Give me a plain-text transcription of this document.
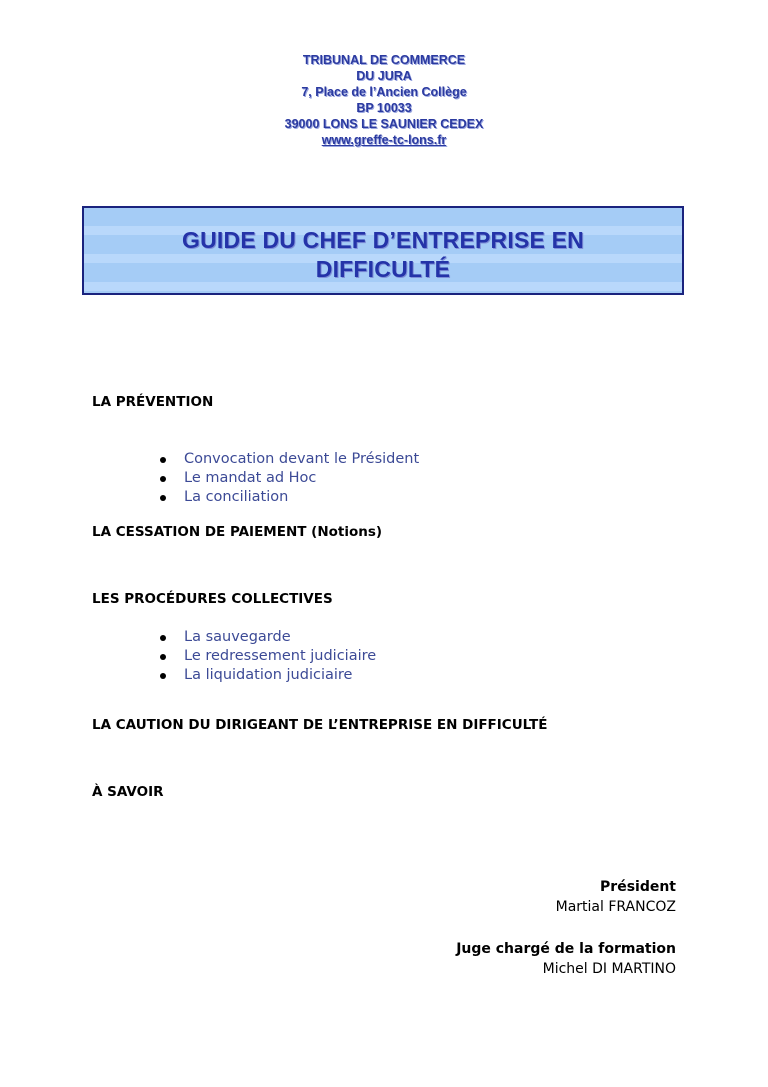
TRIBUNAL DE COMMERCE
DU JURA
7, Place de l’Ancien Collège
BP 10033
39000 LONS LE SAUNIER CEDEX
www.greffe-tc-lons.fr
GUIDE DU CHEF D’ENTREPRISE EN
DIFFICULTÉ
LA PRÉVENTION
Convocation devant le Président
Le mandat ad Hoc
La conciliation
LA CESSATION DE PAIEMENT (Notions)
LES PROCÉDURES COLLECTIVES
La sauvegarde
Le redressement judiciaire
La liquidation judiciaire
LA CAUTION DU DIRIGEANT DE L’ENTREPRISE EN DIFFICULTÉ
À SAVOIR
Président
Martial FRANCOZ
Juge chargé de la formation
Michel DI MARTINO
